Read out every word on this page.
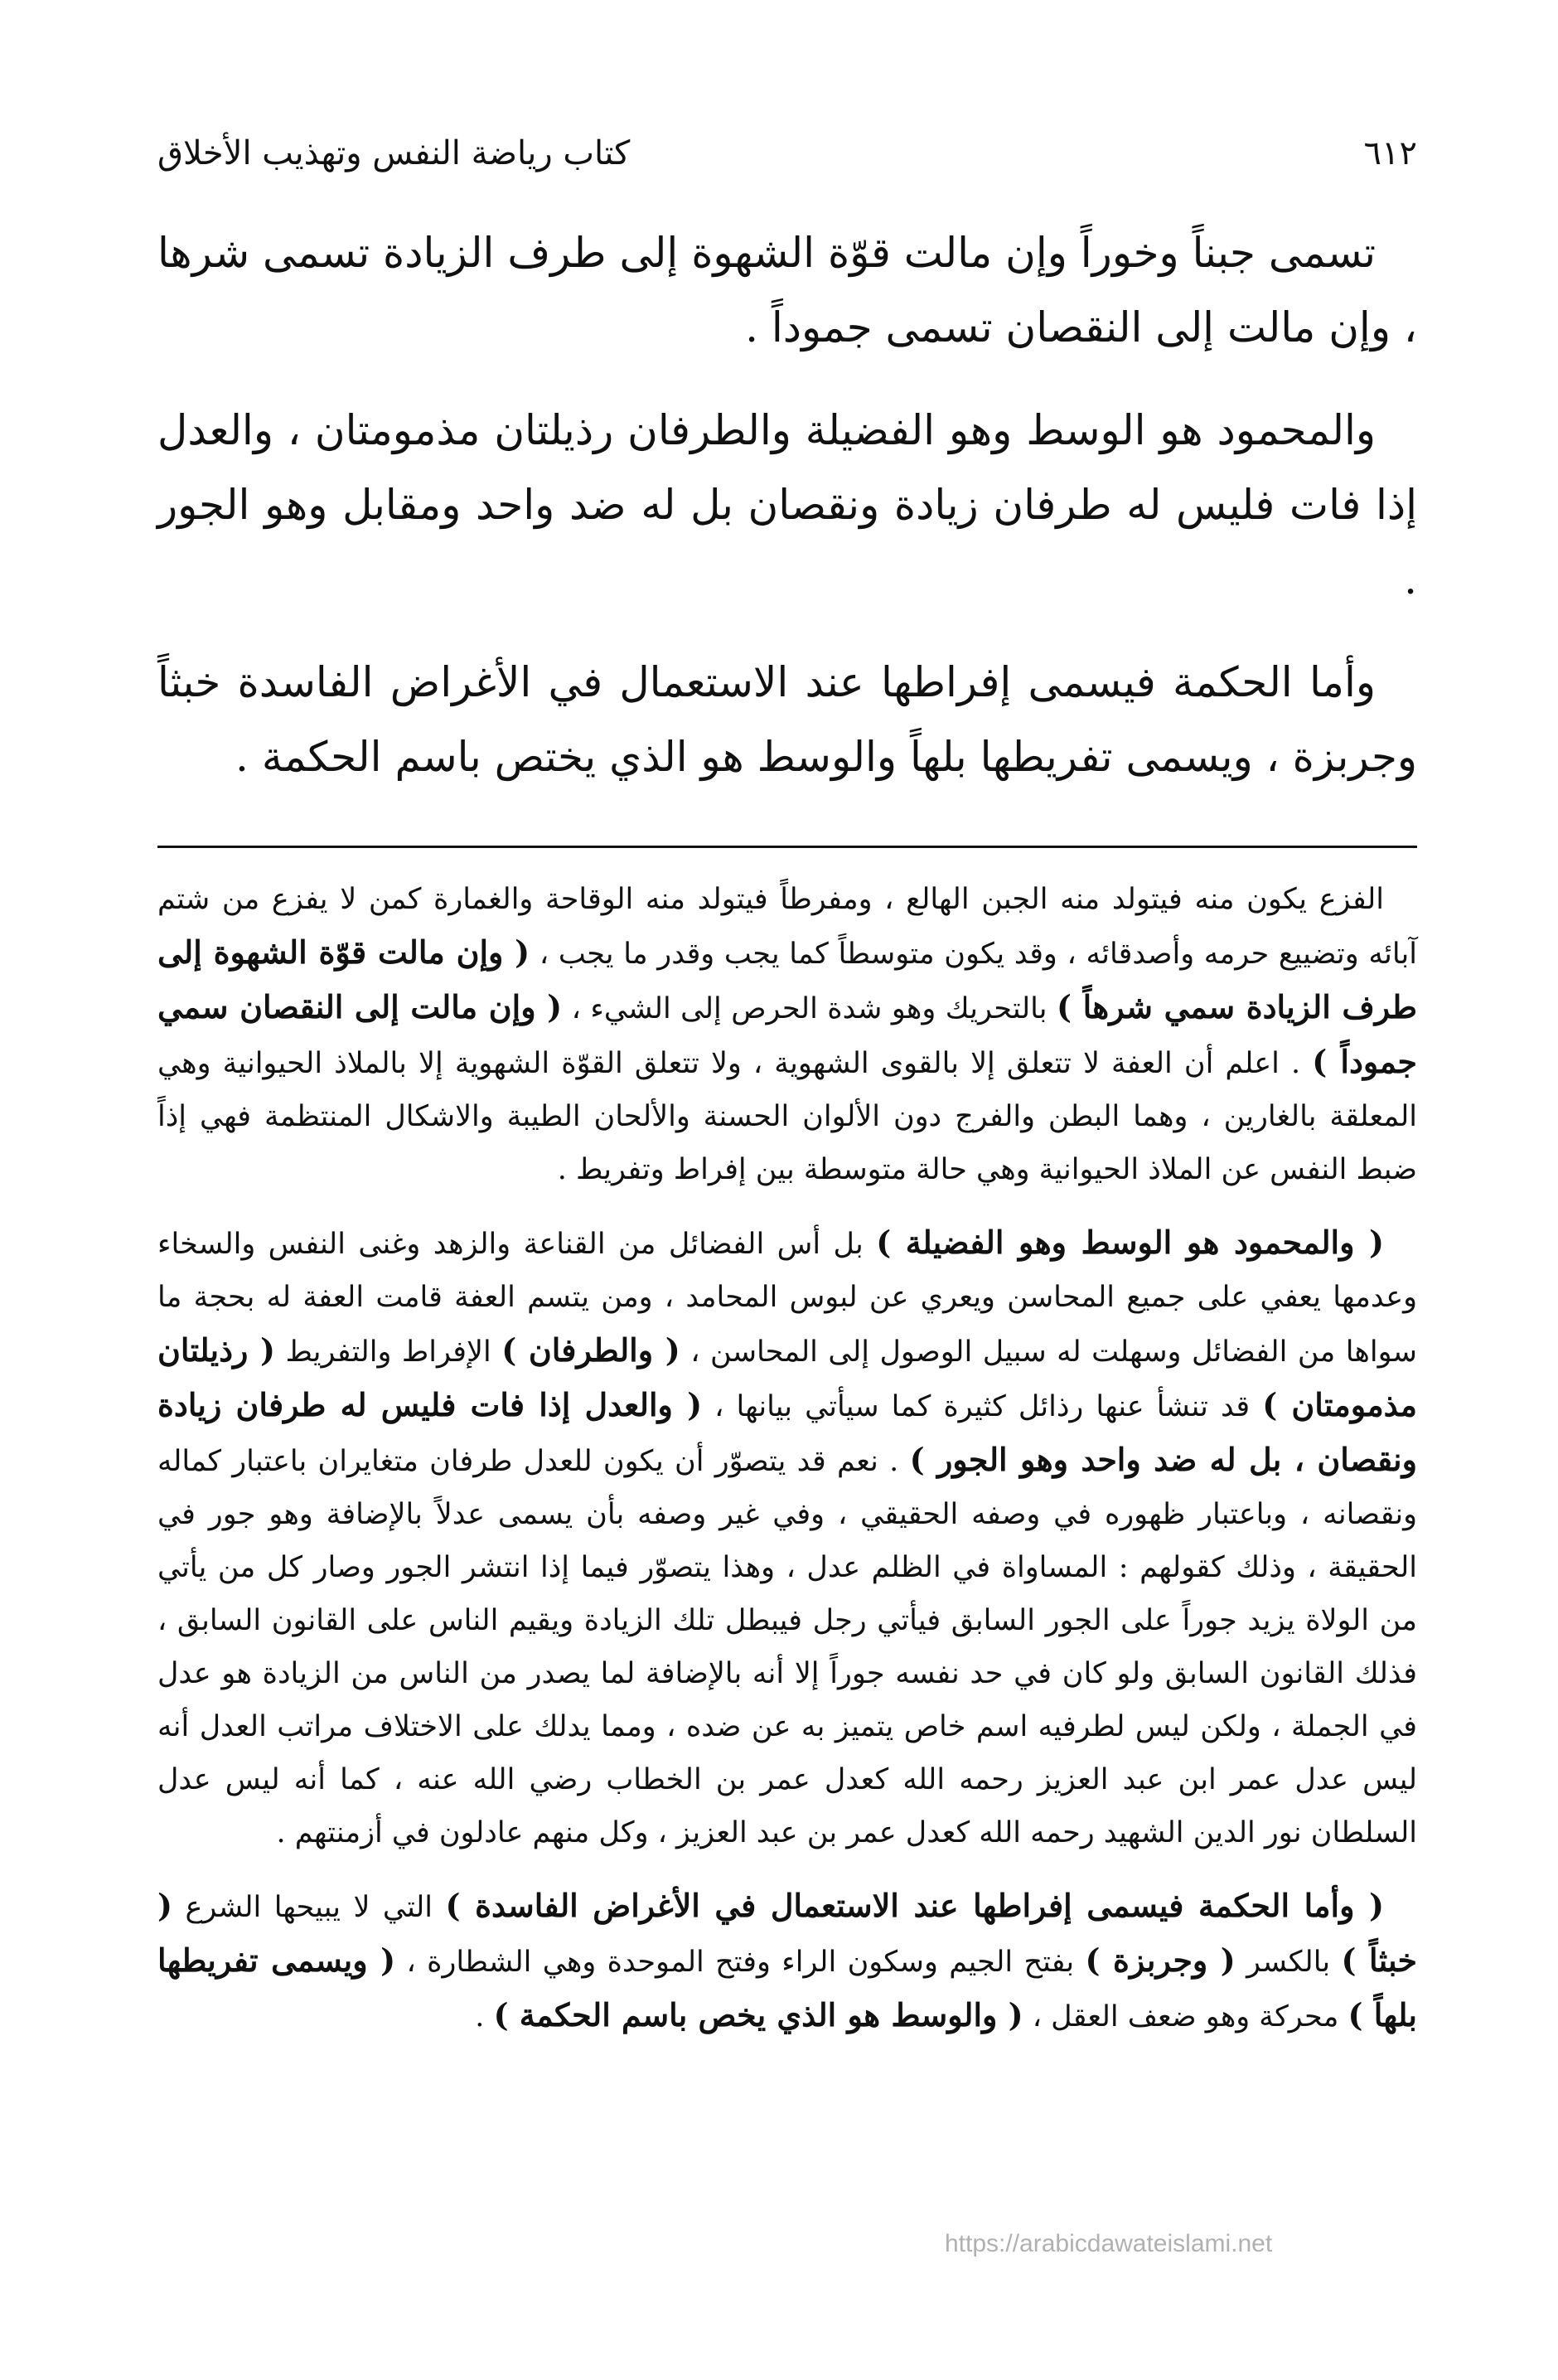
كتاب رياضة النفس وتهذيب الأخلاق	٦١٢

تسمى جبناً وخوراً وإن مالت قوّة الشهوة إلى طرف الزيادة تسمى شرها ، وإن مالت إلى النقصان تسمى جموداً .

والمحمود هو الوسط وهو الفضيلة والطرفان رذيلتان مذمومتان ، والعدل إذا فات فليس له طرفان زيادة ونقصان بل له ضد واحد ومقابل وهو الجور .

وأما الحكمة فيسمى إفراطها عند الاستعمال في الأغراض الفاسدة خبثاً وجربزة ، ويسمى تفريطها بلهاً والوسط هو الذي يختص باسم الحكمة .

الفزع يكون منه فيتولد منه الجبن الهالع ، ومفرطاً فيتولد منه الوقاحة والغمارة كمن لا يفزع من شتم آبائه وتضييع حرمه وأصدقائه ، وقد يكون متوسطاً كما يجب وقدر ما يجب ، ( وإن مالت قوّة الشهوة إلى طرف الزيادة سمي شرهاً ) بالتحريك وهو شدة الحرص إلى الشيء ، ( وإن مالت إلى النقصان سمي جموداً ) . اعلم أن العفة لا تتعلق إلا بالقوى الشهوية ، ولا تتعلق القوّة الشهوية إلا بالملاذ الحيوانية وهي المعلقة بالغارين ، وهما البطن والفرج دون الألوان الحسنة والألحان الطيبة والاشكال المنتظمة فهي إذاً ضبط النفس عن الملاذ الحيوانية وهي حالة متوسطة بين إفراط وتفريط .

( والمحمود هو الوسط وهو الفضيلة ) بل أس الفضائل من القناعة والزهد وغنى النفس والسخاء وعدمها يعفي على جميع المحاسن ويعري عن لبوس المحامد ، ومن يتسم العفة قامت العفة له بحجة ما سواها من الفضائل وسهلت له سبيل الوصول إلى المحاسن ، ( والطرفان ) الإفراط والتفريط ( رذيلتان مذمومتان ) قد تنشأ عنها رذائل كثيرة كما سيأتي بيانها ، ( والعدل إذا فات فليس له طرفان زيادة ونقصان ، بل له ضد واحد وهو الجور ) . نعم قد يتصوّر أن يكون للعدل طرفان متغايران باعتبار كماله ونقصانه ، وباعتبار ظهوره في وصفه الحقيقي ، وفي غير وصفه بأن يسمى عدلاً بالإضافة وهو جور في الحقيقة ، وذلك كقولهم : المساواة في الظلم عدل ، وهذا يتصوّر فيما إذا انتشر الجور وصار كل من يأتي من الولاة يزيد جوراً على الجور السابق فيأتي رجل فيبطل تلك الزيادة ويقيم الناس على القانون السابق ، فذلك القانون السابق ولو كان في حد نفسه جوراً إلا أنه بالإضافة لما يصدر من الناس من الزيادة هو عدل في الجملة ، ولكن ليس لطرفيه اسم خاص يتميز به عن ضده ، ومما يدلك على الاختلاف مراتب العدل أنه ليس عدل عمر ابن عبد العزيز رحمه الله كعدل عمر بن الخطاب رضي الله عنه ، كما أنه ليس عدل السلطان نور الدين الشهيد رحمه الله كعدل عمر بن عبد العزيز ، وكل منهم عادلون في أزمنتهم .

( وأما الحكمة فيسمى إفراطها عند الاستعمال في الأغراض الفاسدة ) التي لا يبيحها الشرع ( خبثاً ) بالكسر ( وجربزة ) بفتح الجيم وسكون الراء وفتح الموحدة وهي الشطارة ، ( ويسمى تفريطها بلهاً ) محركة وهو ضعف العقل ، ( والوسط هو الذي يخص باسم الحكمة ) .

https://arabicdawateislami.net
